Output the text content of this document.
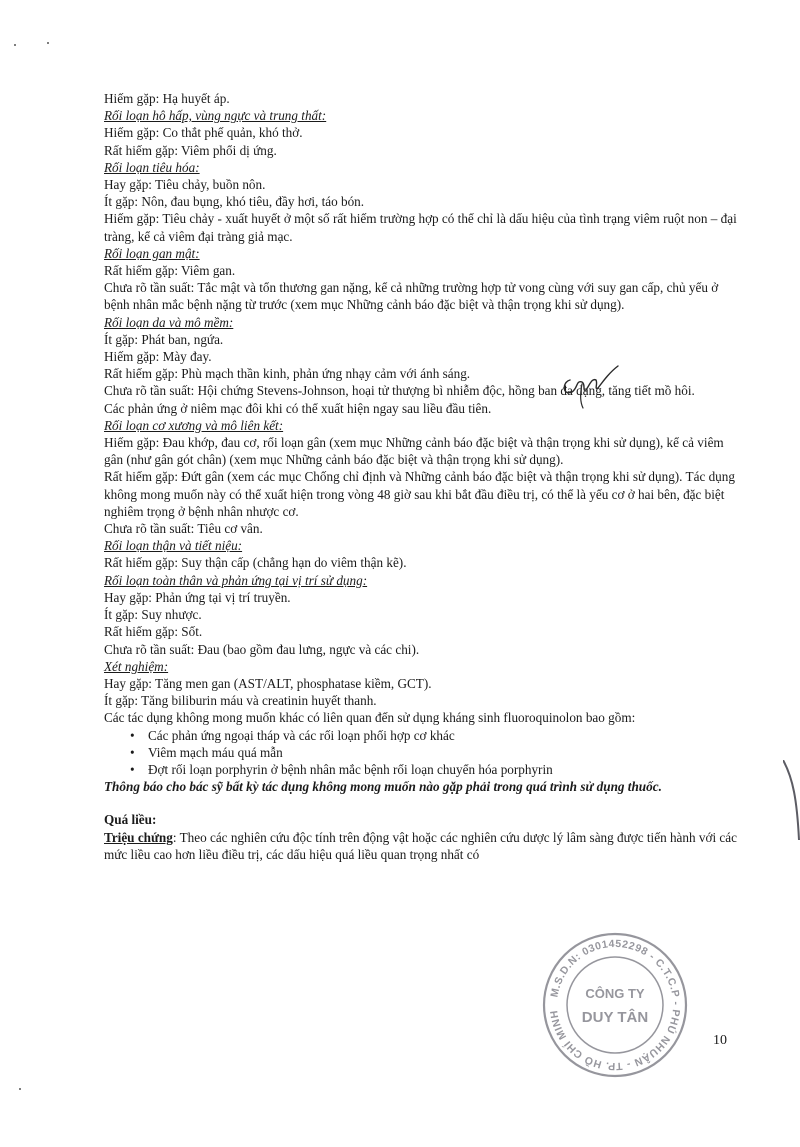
Hiếm gặp: Hạ huyết áp.

Rối loạn hô hấp, vùng ngực và trung thất:

Hiếm gặp: Co thắt phế quản, khó thở.

Rất hiếm gặp: Viêm phổi dị ứng.

Rối loạn tiêu hóa:

Hay gặp: Tiêu chảy, buồn nôn.

Ít gặp: Nôn, đau bụng, khó tiêu, đầy hơi, táo bón.

Hiếm gặp: Tiêu chảy - xuất huyết ở một số rất hiếm trường hợp có thể chỉ là dấu hiệu của tình trạng viêm ruột non – đại tràng, kể cả viêm đại tràng giả mạc.

Rối loạn gan mật:

Rất hiếm gặp: Viêm gan.

Chưa rõ tần suất: Tắc mật và tổn thương gan nặng, kể cả những trường hợp tử vong cùng với suy gan cấp, chủ yếu ở bệnh nhân mắc bệnh nặng từ trước (xem mục Những cảnh báo đặc biệt và thận trọng khi sử dụng).

Rối loạn da và mô mềm:

Ít gặp: Phát ban, ngứa.

Hiếm gặp: Mày đay.

Rất hiếm gặp: Phù mạch thần kinh, phản ứng nhạy cảm với ánh sáng.

Chưa rõ tần suất: Hội chứng Stevens-Johnson, hoại tử thượng bì nhiễm độc, hồng ban đa dạng, tăng tiết mồ hôi.

Các phản ứng ở niêm mạc đôi khi có thể xuất hiện ngay sau liều đầu tiên.

Rối loạn cơ xương và mô liên kết:

Hiếm gặp: Đau khớp, đau cơ, rối loạn gân (xem mục Những cảnh báo đặc biệt và thận trọng khi sử dụng), kể cả viêm gân (như gân gót chân) (xem mục Những cảnh báo đặc biệt và thận trọng khi sử dụng).

Rất hiếm gặp: Đứt gân (xem các mục Chống chỉ định và Những cảnh báo đặc biệt và thận trọng khi sử dụng). Tác dụng không mong muốn này có thể xuất hiện trong vòng 48 giờ sau khi bắt đầu điều trị, có thể là yếu cơ ở hai bên, đặc biệt nghiêm trọng ở bệnh nhân nhược cơ.

Chưa rõ tần suất: Tiêu cơ vân.

Rối loạn thận và tiết niệu:

Rất hiếm gặp: Suy thận cấp (chẳng hạn do viêm thận kẽ).

Rối loạn toàn thân và phản ứng tại vị trí sử dụng:

Hay gặp: Phản ứng tại vị trí truyền.

Ít gặp: Suy nhược.

Rất hiếm gặp: Sốt.

Chưa rõ tần suất: Đau (bao gồm đau lưng, ngực và các chi).

Xét nghiệm:

Hay gặp: Tăng men gan (AST/ALT, phosphatase kiềm, GCT).

Ít gặp: Tăng biliburin máu và creatinin huyết thanh.

Các tác dụng không mong muốn khác có liên quan đến sử dụng kháng sinh fluoroquinolon bao gồm:

• Các phản ứng ngoại tháp và các rối loạn phối hợp cơ khác
• Viêm mạch máu quá mẫn
• Đợt rối loạn porphyrin ở bệnh nhân mắc bệnh rối loạn chuyển hóa porphyrin

Thông báo cho bác sỹ bất kỳ tác dụng không mong muốn nào gặp phải trong quá trình sử dụng thuốc.

Quá liều:

Triệu chứng: Theo các nghiên cứu độc tính trên động vật hoặc các nghiên cứu dược lý lâm sàng được tiến hành với các mức liều cao hơn liều điều trị, các dấu hiệu quá liều quan trọng nhất có

M.S.D.N: 0301452298 - C.T.C.P - PHÚ NHUẬN - TP. HỒ CHÍ MINH
CÔNG TY
DUY TÂN
10
